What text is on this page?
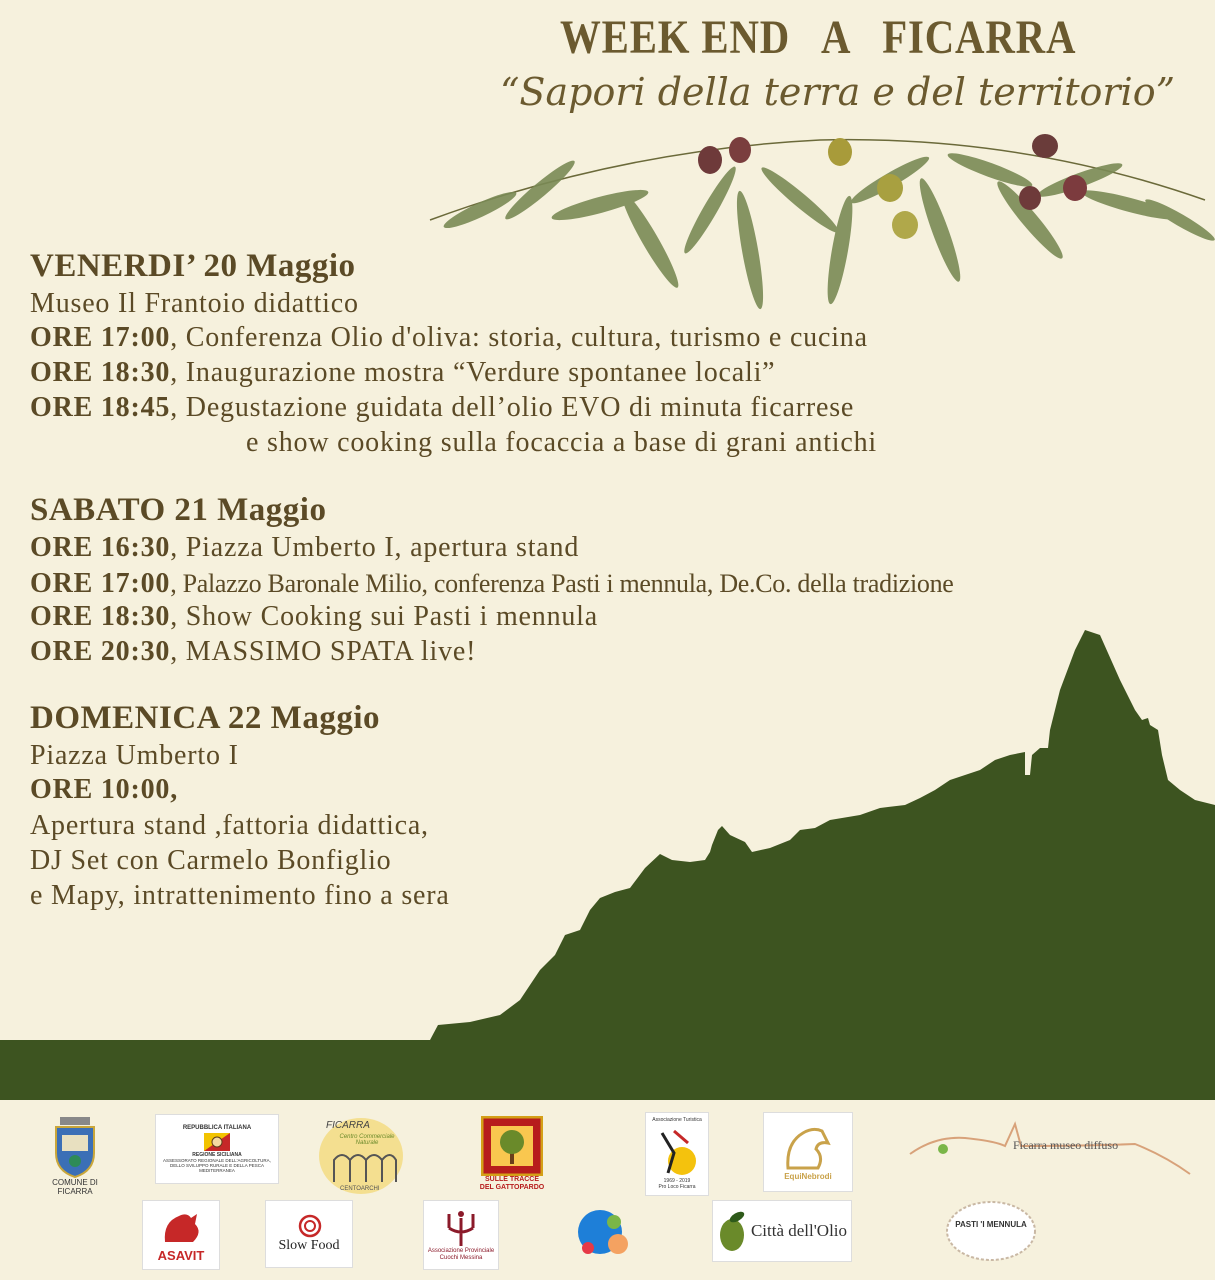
WEEK END   A   FICARRA
“Sapori della terra e del territorio”
VENERDI’ 20 Maggio
Museo Il Frantoio didattico
ORE 17:00, Conferenza Olio d'oliva: storia, cultura, turismo e cucina
ORE 18:30, Inaugurazione mostra “Verdure spontanee locali”
ORE 18:45, Degustazione guidata dell’olio EVO di minuta ficarrese
e show cooking sulla focaccia a base di grani antichi
SABATO 21 Maggio
ORE 16:30, Piazza Umberto I, apertura stand
ORE 17:00, Palazzo Baronale Milio, conferenza Pasti i mennula, De.Co. della tradizione
ORE 18:30, Show Cooking sui Pasti i mennula
ORE 20:30, MASSIMO SPATA live!
DOMENICA 22 Maggio
Piazza Umberto I
ORE 10:00,
Apertura stand ,fattoria didattica,
DJ Set con Carmelo Bonfiglio
e Mapy, intrattenimento fino a sera
COMUNE DI FICARRA
REPUBBLICA ITALIANA
REGIONE SICILIANA
ASSESSORATO REGIONALE DELL'AGRICOLTURA, DELLO SVILUPPO RURALE E DELLA PESCA MEDITERRANEA
FICARRA
Centro Commerciale Naturale
CENTOARCHI
SULLE TRACCE DEL GATTOPARDO
Associazione Turistica
1969 - 2019
Pro Loco Ficarra
EquiNebrodi
Ficarra museo diffuso
ASAVIT
Slow Food	Associazione Provinciale
Cuochi Messina
Città dell'Olio	PASTI 'I MENNULA
